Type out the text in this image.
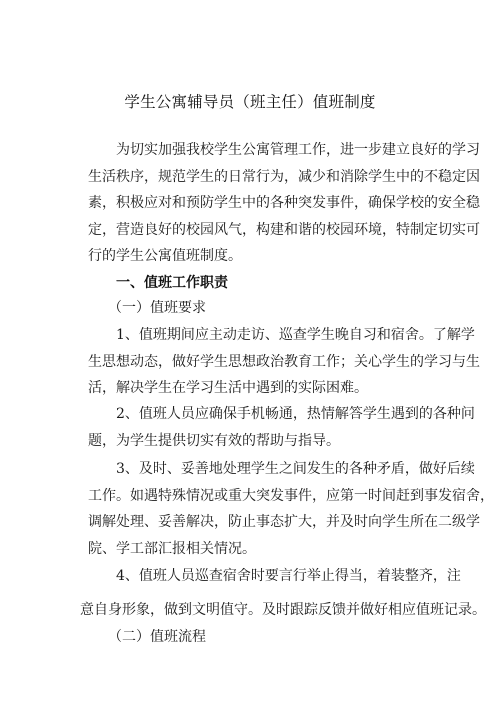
学生公寓辅导员（班主任）值班制度
为切实加强我校学生公寓管理工作，进一步建立良好的学习
生活秩序，规范学生的日常行为，减少和消除学生中的不稳定因
素，积极应对和预防学生中的各种突发事件，确保学校的安全稳
定，营造良好的校园风气，构建和谐的校园环境，特制定切实可
行的学生公寓值班制度。
一、值班工作职责
（一）值班要求
1、值班期间应主动走访、巡查学生晚自习和宿舍。了解学
生思想动态，做好学生思想政治教育工作；关心学生的学习与生
活，解决学生在学习生活中遇到的实际困难。
2、值班人员应确保手机畅通，热情解答学生遇到的各种问
题，为学生提供切实有效的帮助与指导。
3、及时、妥善地处理学生之间发生的各种矛盾，做好后续
工作。如遇特殊情况或重大突发事件，应第一时间赶到事发宿舍，
调解处理、妥善解决，防止事态扩大，并及时向学生所在二级学
院、学工部汇报相关情况。
4、值班人员巡查宿舍时要言行举止得当，着装整齐，注
意自身形象，做到文明值守。及时跟踪反馈并做好相应值班记录。
（二）值班流程
